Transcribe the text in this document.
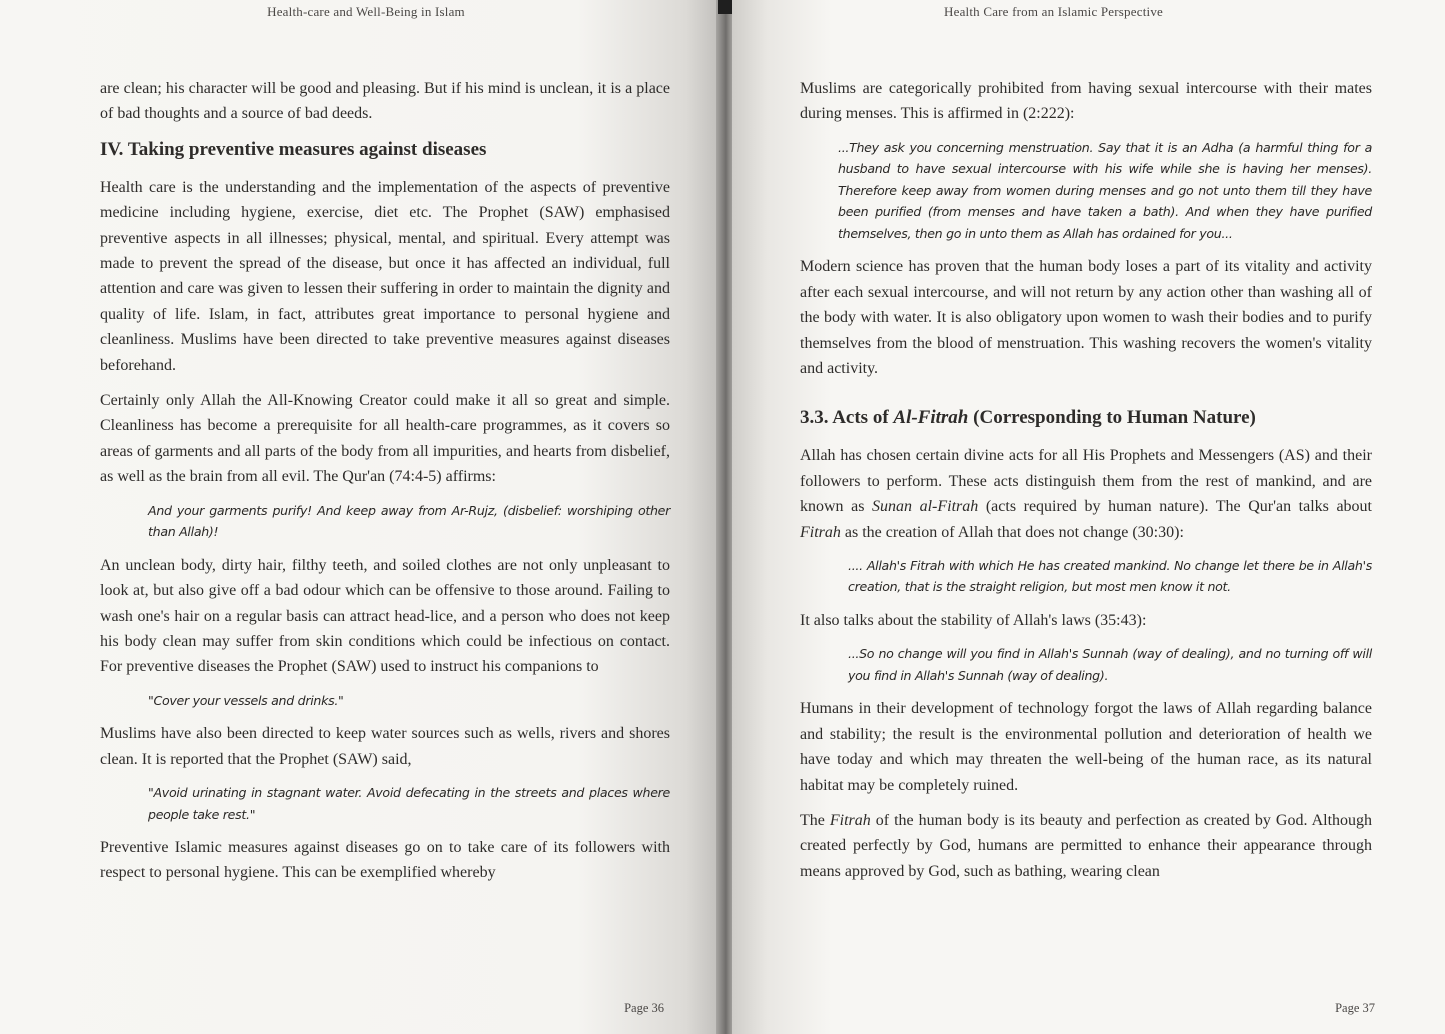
Health-care and Well-Being in Islam

are clean; his character will be good and pleasing. But if his mind is unclean, it is a place of bad thoughts and a source of bad deeds.

IV. Taking preventive measures against diseases

Health care is the understanding and the implementation of the aspects of preventive medicine including hygiene, exercise, diet etc. The Prophet (SAW) emphasised preventive aspects in all illnesses; physical, mental, and spiritual. Every attempt was made to prevent the spread of the disease, but once it has affected an individual, full attention and care was given to lessen their suffering in order to maintain the dignity and quality of life. Islam, in fact, attributes great importance to personal hygiene and cleanliness. Muslims have been directed to take preventive measures against diseases beforehand.

Certainly only Allah the All-Knowing Creator could make it all so great and simple. Cleanliness has become a prerequisite for all health-care programmes, as it covers so areas of garments and all parts of the body from all impurities, and hearts from disbelief, as well as the brain from all evil. The Qur'an (74:4-5) affirms:

And your garments purify! And keep away from Ar-Rujz, (disbelief: worshiping other than Allah)!

An unclean body, dirty hair, filthy teeth, and soiled clothes are not only unpleasant to look at, but also give off a bad odour which can be offensive to those around. Failing to wash one's hair on a regular basis can attract head-lice, and a person who does not keep his body clean may suffer from skin conditions which could be infectious on contact. For preventive diseases the Prophet (SAW) used to instruct his companions to

"Cover your vessels and drinks."

Muslims have also been directed to keep water sources such as wells, rivers and shores clean. It is reported that the Prophet (SAW) said,

"Avoid urinating in stagnant water. Avoid defecating in the streets and places where people take rest."

Preventive Islamic measures against diseases go on to take care of its followers with respect to personal hygiene. This can be exemplified whereby

Page 36
Health Care from an Islamic Perspective

Muslims are categorically prohibited from having sexual intercourse with their mates during menses. This is affirmed in (2:222):

...They ask you concerning menstruation. Say that it is an Adha (a harmful thing for a husband to have sexual intercourse with his wife while she is having her menses). Therefore keep away from women during menses and go not unto them till they have been purified (from menses and have taken a bath). And when they have purified themselves, then go in unto them as Allah has ordained for you...

Modern science has proven that the human body loses a part of its vitality and activity after each sexual intercourse, and will not return by any action other than washing all of the body with water. It is also obligatory upon women to wash their bodies and to purify themselves from the blood of menstruation. This washing recovers the women's vitality and activity.

3.3. Acts of Al-Fitrah (Corresponding to Human Nature)

Allah has chosen certain divine acts for all His Prophets and Messengers (AS) and their followers to perform. These acts distinguish them from the rest of mankind, and are known as Sunan al-Fitrah (acts required by human nature). The Qur'an talks about Fitrah as the creation of Allah that does not change (30:30):

.... Allah's Fitrah with which He has created mankind. No change let there be in Allah's creation, that is the straight religion, but most men know it not.

It also talks about the stability of Allah's laws (35:43):

...So no change will you find in Allah's Sunnah (way of dealing), and no turning off will you find in Allah's Sunnah (way of dealing).

Humans in their development of technology forgot the laws of Allah regarding balance and stability; the result is the environmental pollution and deterioration of health we have today and which may threaten the well-being of the human race, as its natural habitat may be completely ruined.

The Fitrah of the human body is its beauty and perfection as created by God. Although created perfectly by God, humans are permitted to enhance their appearance through means approved by God, such as bathing, wearing clean

Page 37
